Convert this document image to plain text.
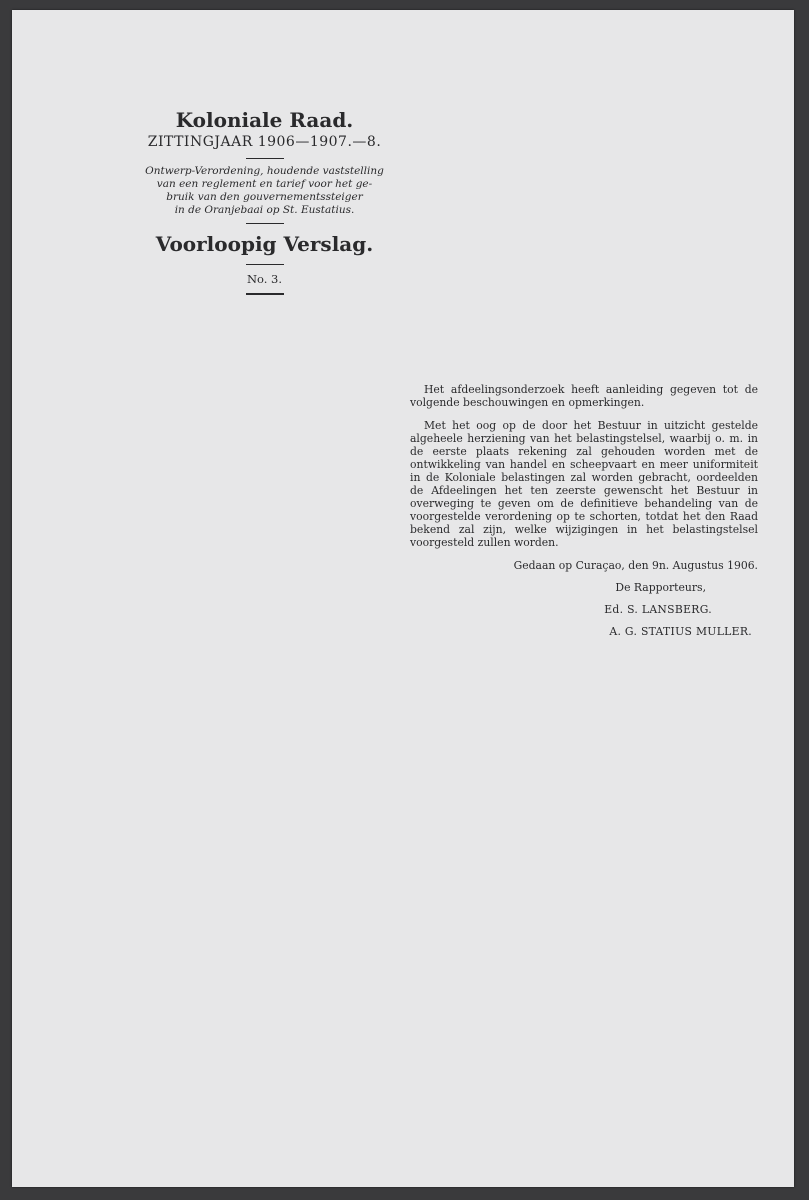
Koloniale Raad.
ZITTINGJAAR 1906—1907.—8.
Ontwerp-Verordening, houdende vaststelling
van een reglement en tarief voor het ge-
bruik van den gouvernementssteiger
in de Oranjebaai op St. Eustatius.
Voorloopig Verslag.
No. 3.

Het afdeelingsonderzoek heeft aanleiding gegeven tot de volgende beschouwingen en opmerkingen.

Met het oog op de door het Bestuur in uitzicht gestelde algeheele herziening van het belastingstelsel, waarbij o. m. in de eerste plaats rekening zal gehouden worden met de ontwikkeling van handel en scheepvaart en meer uniformiteit in de Koloniale belastingen zal worden gebracht, oordeelden de Afdeelingen het ten zeerste gewenscht het Bestuur in overweging te geven om de definitieve behandeling van de voorgestelde verordening op te schorten, totdat het den Raad bekend zal zijn, welke wijzigingen in het belastingstelsel voorgesteld zullen worden.

Gedaan op Curaçao, den 9n. Augustus 1906.
De Rapporteurs,
Ed. S. LANSBERG.
A. G. STATIUS MULLER.
